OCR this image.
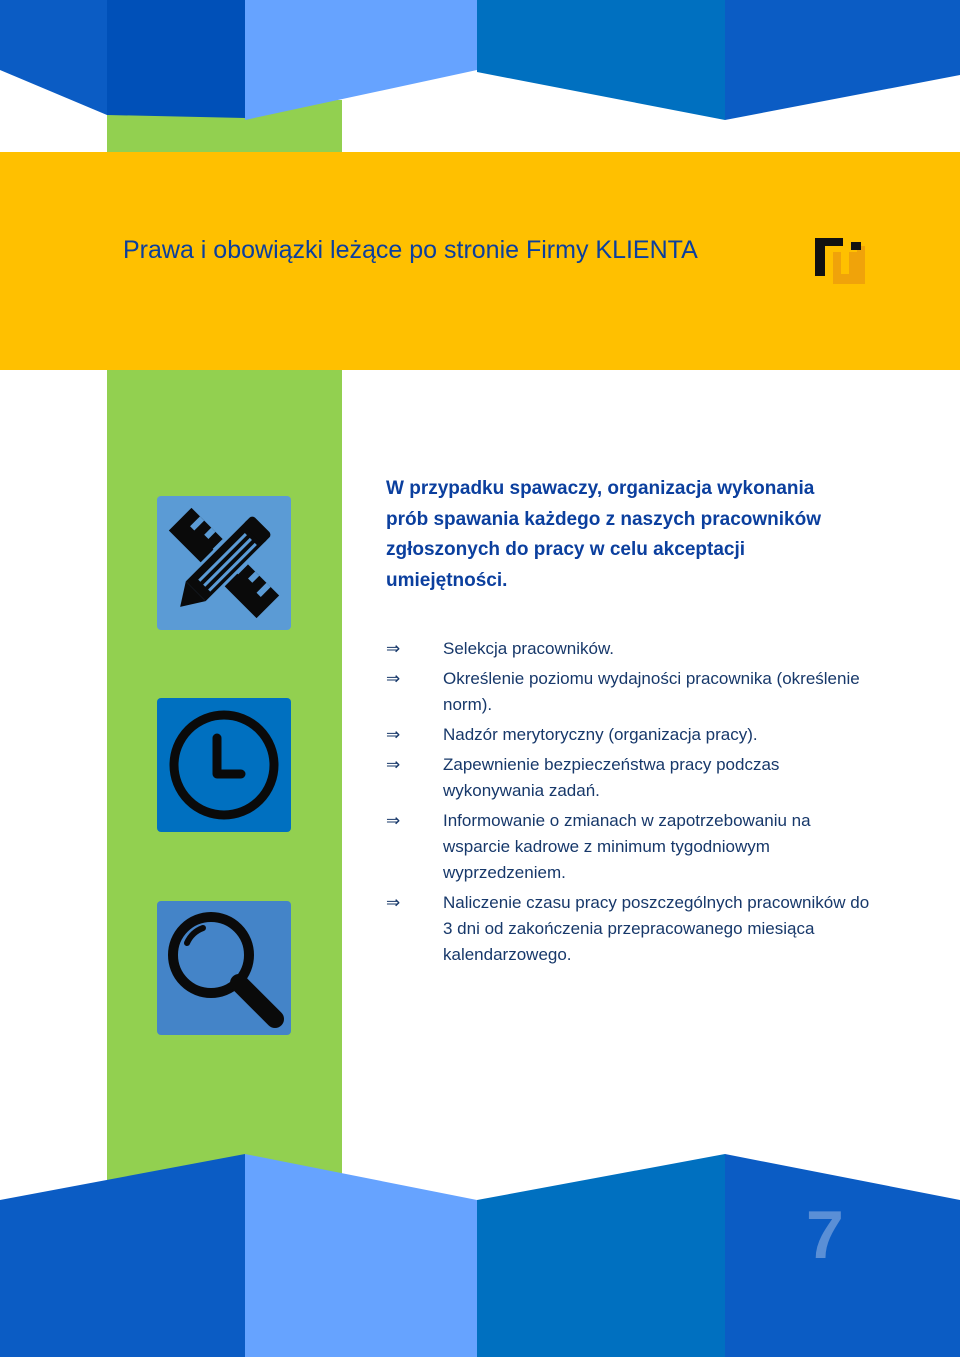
Prawa i obowiązki leżące po stronie Firmy KLIENTA

W przypadku spawaczy, organizacja wykonania prób spawania każdego z naszych pracowników zgłoszonych do pracy w celu akceptacji umiejętności.

⇒	Selekcja pracowników.
⇒	Określenie poziomu wydajności pracownika (określenie norm).
⇒	Nadzór merytoryczny (organizacja pracy).
⇒	Zapewnienie bezpieczeństwa pracy podczas wykonywania zadań.
⇒	Informowanie o zmianach w zapotrzebowaniu na wsparcie kadrowe z minimum tygodniowym wyprzedzeniem.
⇒	Naliczenie czasu pracy poszczególnych pracowników do 3 dni od zakończenia przepracowanego miesiąca kalendarzowego.

7
